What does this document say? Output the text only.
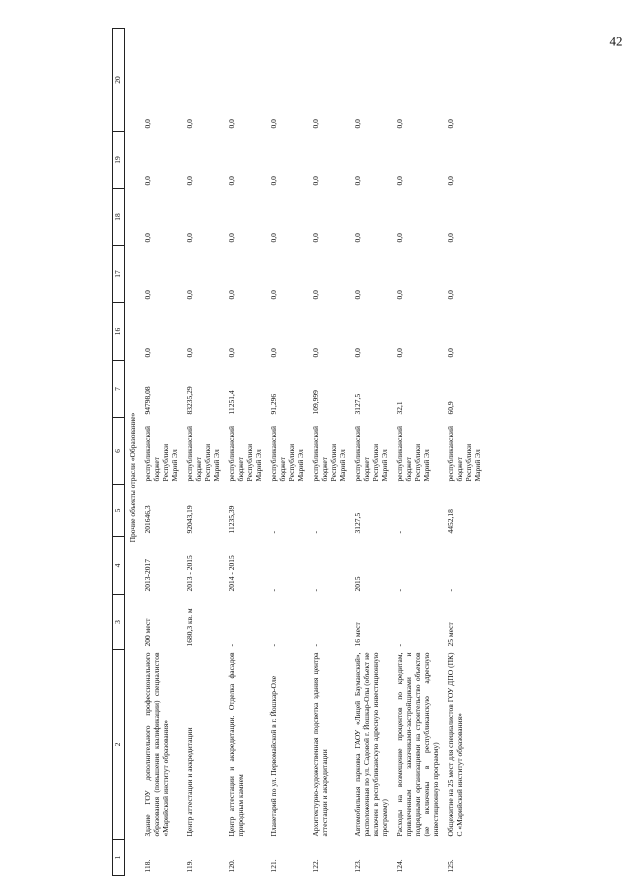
42
1	2	3	4	5	6	7	16	17	18	19	20
			Прочие объекты отрасли «Образование»								
118.	Здание ГОУ дополнительного профессионального образования (повышения квалификации) специалистов «Марийский институт образования»	200 мест	2013-2017	201646,3	республиканский бюджет Республики Марий Эл	94798,08	0,0	0,0	0,0	0,0	0,0
119.	Центр аттестации и аккредитации	1680,3 кв. м	2013 - 2015	92043,19	республиканский бюджет Республики Марий Эл	83235,29	0,0	0,0	0,0	0,0	0,0
120.	Центр аттестации и аккредитации. Отделка фасадов природным камнем	-	2014 - 2015	11235,39	республиканский бюджет Республики Марий Эл	11251,4	0,0	0,0	0,0	0,0	0,0
121.	Планетарий по ул. Первомайской в г. Йошкар-Оле	-	-	-	республиканский бюджет Республики Марий Эл	91,296	0,0	0,0	0,0	0,0	0,0
122.	Архитектурно-художественная подсветка здания центра аттестации и аккредитации	-	-	-	республиканский бюджет Республики Марий Эл	109,999	0,0	0,0	0,0	0,0	0,0
123.	Автомобильная парковка ГАОУ «Лицей Бауманский», расположенная по ул. Садовой г. Йошкар-Олы (объект не включен в республиканскую адресную инвестиционную программу)	16 мест	2015	3127,5	республиканский бюджет Республики Марий Эл	3127,5	0,0	0,0	0,0	0,0	0,0
124.	Расходы на возмещение процентов по кредитам, привлеченным заказчиками-застройщиками и подрядными организациями на строительство объектов (не включены в республиканскую адресную инвестиционную программу)	-	-	-	республиканский бюджет Республики Марий Эл	32,1	0,0	0,0	0,0	0,0	0,0
125.	Общежитие на 25 мест для специалистов ГОУ ДПО (ПК) С «Марийский институт образования»	25 мест	-	4452,18	республиканский бюджет Республики Марий Эл	60,9	0,0	0,0	0,0	0,0	0,0
